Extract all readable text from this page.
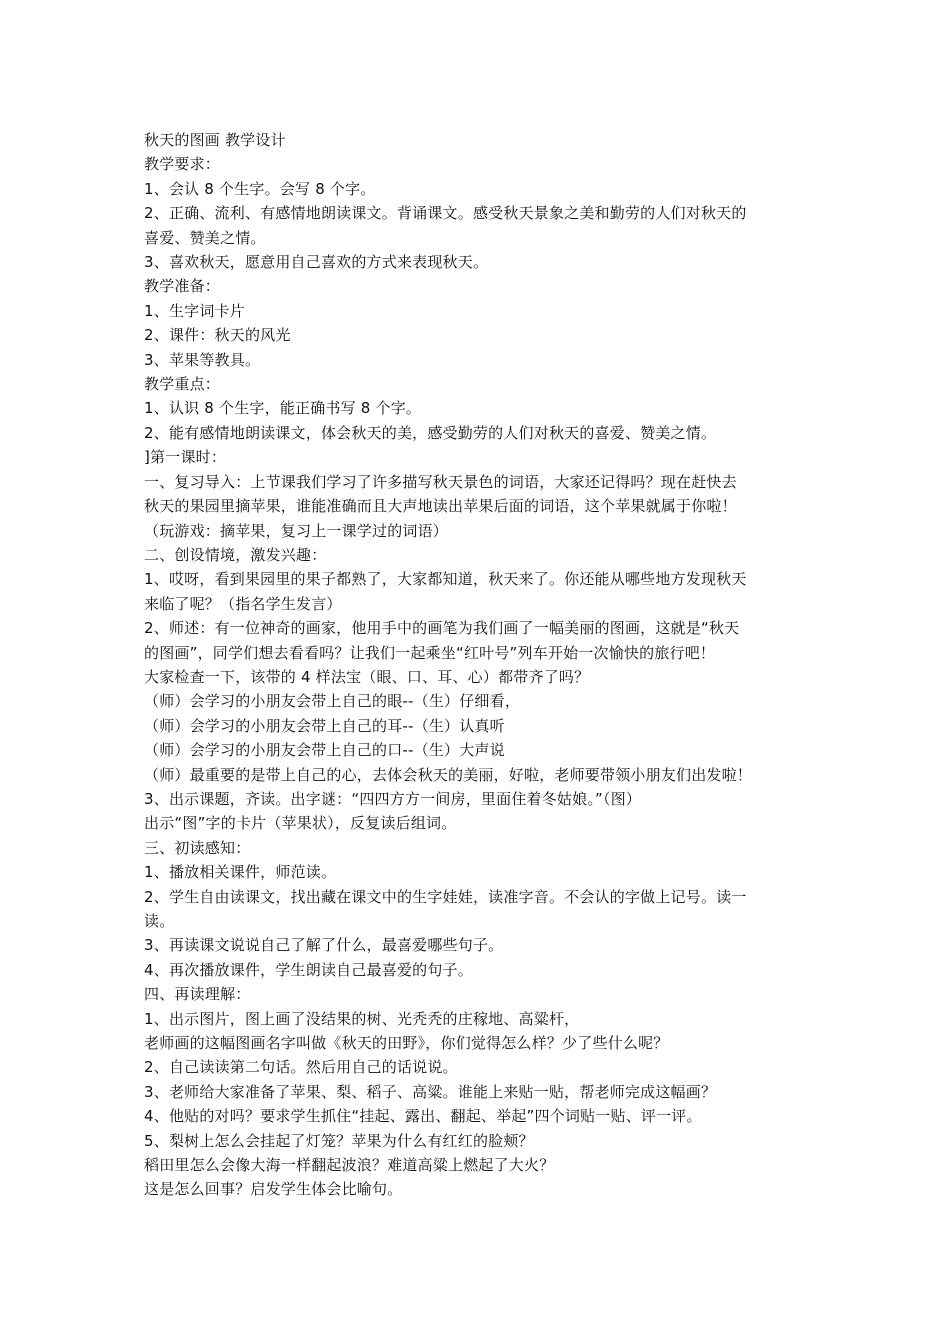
秋天的图画 教学设计
教学要求：
1、会认 8 个生字。会写 8 个字。
2、正确、流利、有感情地朗读课文。背诵课文。感受秋天景象之美和勤劳的人们对秋天的
喜爱、赞美之情。
3、喜欢秋天，愿意用自己喜欢的方式来表现秋天。
教学准备：
1、生字词卡片
2、课件：秋天的风光
3、苹果等教具。
教学重点：
1、认识 8 个生字，能正确书写 8 个字。
2、能有感情地朗读课文，体会秋天的美，感受勤劳的人们对秋天的喜爱、赞美之情。
]第一课时：
一、复习导入：上节课我们学习了许多描写秋天景色的词语，大家还记得吗？现在赶快去
秋天的果园里摘苹果，谁能准确而且大声地读出苹果后面的词语，这个苹果就属于你啦！
（玩游戏：摘苹果，复习上一课学过的词语）
二、创设情境，激发兴趣：
1、哎呀，看到果园里的果子都熟了，大家都知道，秋天来了。你还能从哪些地方发现秋天
来临了呢？（指名学生发言）
2、师述：有一位神奇的画家，他用手中的画笔为我们画了一幅美丽的图画，这就是“秋天
的图画”，同学们想去看看吗？让我们一起乘坐“红叶号”列车开始一次愉快的旅行吧！
大家检查一下，该带的 4 样法宝（眼、口、耳、心）都带齐了吗？
（师）会学习的小朋友会带上自己的眼--（生）仔细看，
（师）会学习的小朋友会带上自己的耳--（生）认真听
（师）会学习的小朋友会带上自己的口--（生）大声说
（师）最重要的是带上自己的心，去体会秋天的美丽，好啦，老师要带领小朋友们出发啦！
3、出示课题，齐读。出字谜：“四四方方一间房，里面住着冬姑娘。”（图）
出示“图”字的卡片（苹果状），反复读后组词。
三、初读感知：
1、播放相关课件，师范读。
2、学生自由读课文，找出藏在课文中的生字娃娃，读准字音。不会认的字做上记号。读一
读。
3、再读课文说说自己了解了什么，最喜爱哪些句子。
4、再次播放课件，学生朗读自己最喜爱的句子。
四、再读理解：
1、出示图片，图上画了没结果的树、光秃秃的庄稼地、高粱杆，
老师画的这幅图画名字叫做《秋天的田野》，你们觉得怎么样？少了些什么呢？
2、自己读读第二句话。然后用自己的话说说。
3、老师给大家准备了苹果、梨、稻子、高粱。谁能上来贴一贴，帮老师完成这幅画？
4、他贴的对吗？要求学生抓住“挂起、露出、翻起、举起”四个词贴一贴、评一评。
5、梨树上怎么会挂起了灯笼？苹果为什么有红红的脸颊？
稻田里怎么会像大海一样翻起波浪？难道高粱上燃起了大火？
这是怎么回事？启发学生体会比喻句。
